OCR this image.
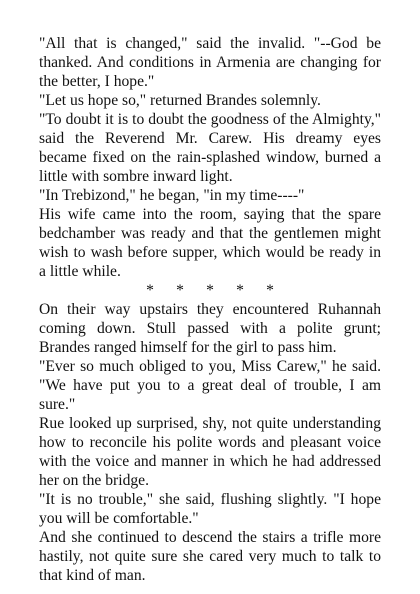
"All that is changed," said the invalid. "--God be thanked. And conditions in Armenia are changing for the better, I hope."

"Let us hope so," returned Brandes solemnly.

"To doubt it is to doubt the goodness of the Almighty," said the Reverend Mr. Carew. His dreamy eyes became fixed on the rain-splashed window, burned a little with sombre inward light.

"In Trebizond," he began, "in my time----"

His wife came into the room, saying that the spare bedchamber was ready and that the gentlemen might wish to wash before supper, which would be ready in a little while.

* * * * *

On their way upstairs they encountered Ruhannah coming down. Stull passed with a polite grunt; Brandes ranged himself for the girl to pass him.

"Ever so much obliged to you, Miss Carew," he said. "We have put you to a great deal of trouble, I am sure."

Rue looked up surprised, shy, not quite understanding how to reconcile his polite words and pleasant voice with the voice and manner in which he had addressed her on the bridge.

"It is no trouble," she said, flushing slightly. "I hope you will be comfortable."

And she continued to descend the stairs a trifle more hastily, not quite sure she cared very much to talk to that kind of man.
